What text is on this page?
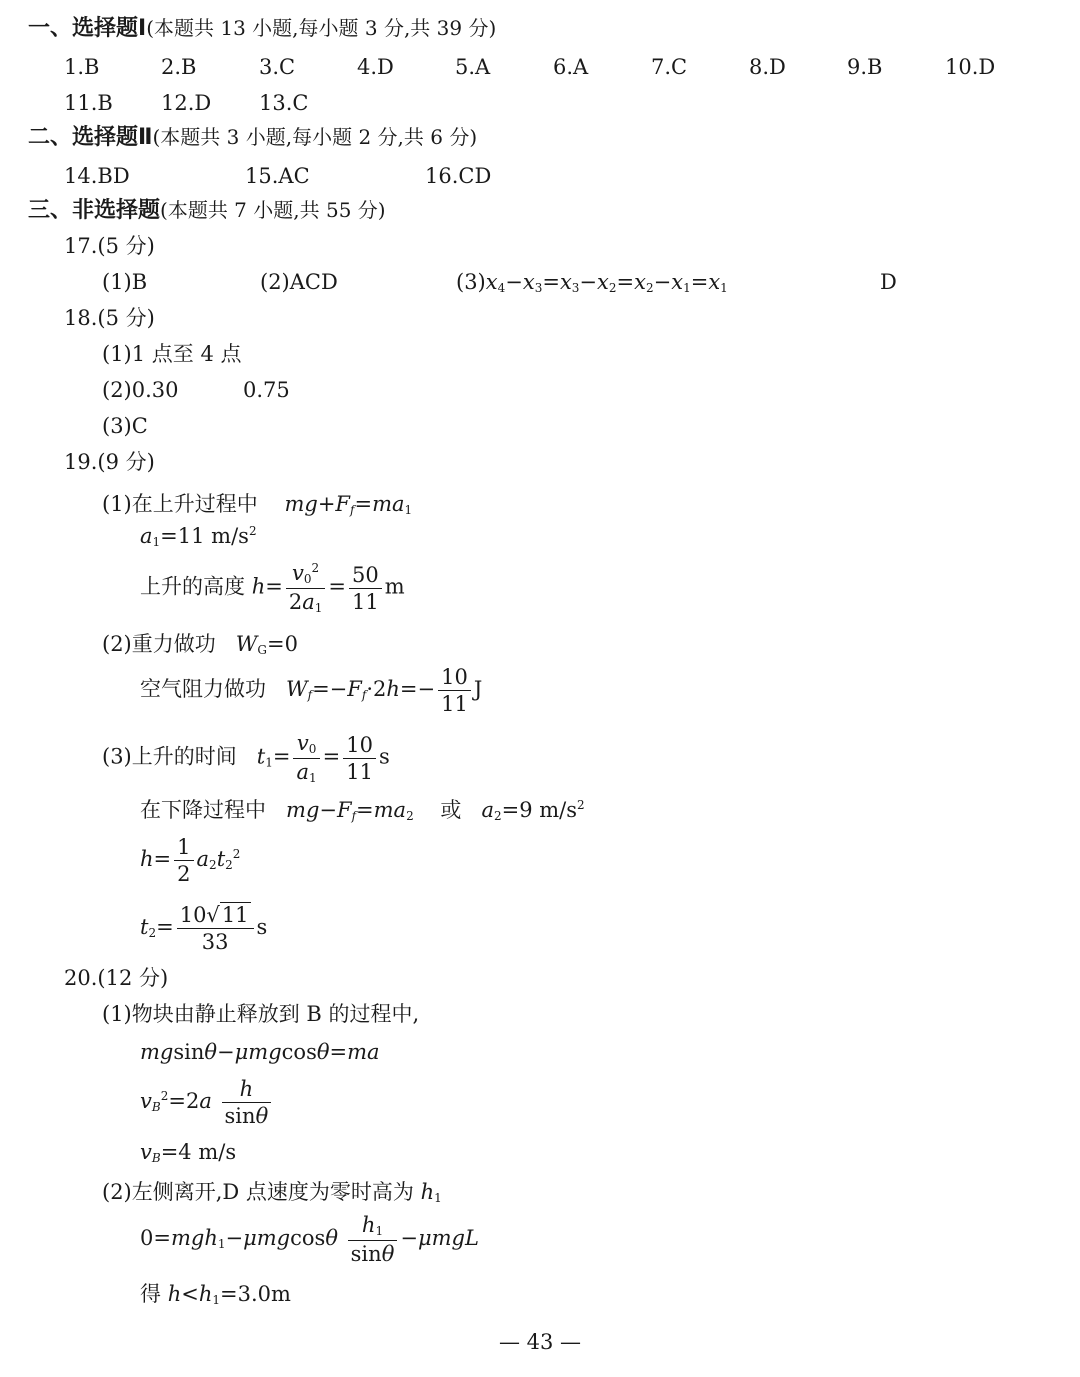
一、选择题Ⅰ(本题共 13 小题,每小题 3 分,共 39 分)
1.B	2.B	3.C	4.D	5.A	6.A	7.C	8.D	9.B	10.D
11.B 12.D 13.C
二、选择题Ⅱ(本题共 3 小题,每小题 2 分,共 6 分)
14.BD	15.AC	16.CD
三、非选择题(本题共 7 小题,共 55 分)
17.(5 分)
(1)B	(2)ACD	$(3)x_4-x_3=x_3-x_2=x_2-x_1=x_1$	D
18.(5 分)
(1)1 点至 4 点
(2)0.30	0.75
(3)C
19.(9 分)
(1)在上升过程中 $mg+F_f=ma_1$
$a_1=11$ $m/s^2$
上升的高度 $h= \frac{v_0^2}{2a_1} = \frac{50}{11}$ m
(2)重力做功 $W_G=0$
空气阻力做功 $W_f=-F_f\cdot 2h=- \frac{10}{11}$ J
(3)上升的时间 $t_1= \frac{v_0}{a_1} = \frac{10}{11}$ s
在下降过程中 $mg-F_f=ma_2$ 或 $a_2=9$ $m/s^2$
$h= \frac{1}{2} a_2t_2^2$
$t_2= \frac{10√11}{33}$ s
20.(12 分)
(1)物块由静止释放到 B 的过程中,
mgsinθ−μmgcosθ=ma
$v_B^2=2a \frac{h}{\sin\theta}$
$v_B=4$ m/s
(2)左侧离开,D 点速度为零时高为 $h_1$
$0=mgh_1-\mu mgcos\theta \frac{h_1}{\sin\theta} -\mu mgL$
得 $h<h_1=3.0m$
— 43 —
